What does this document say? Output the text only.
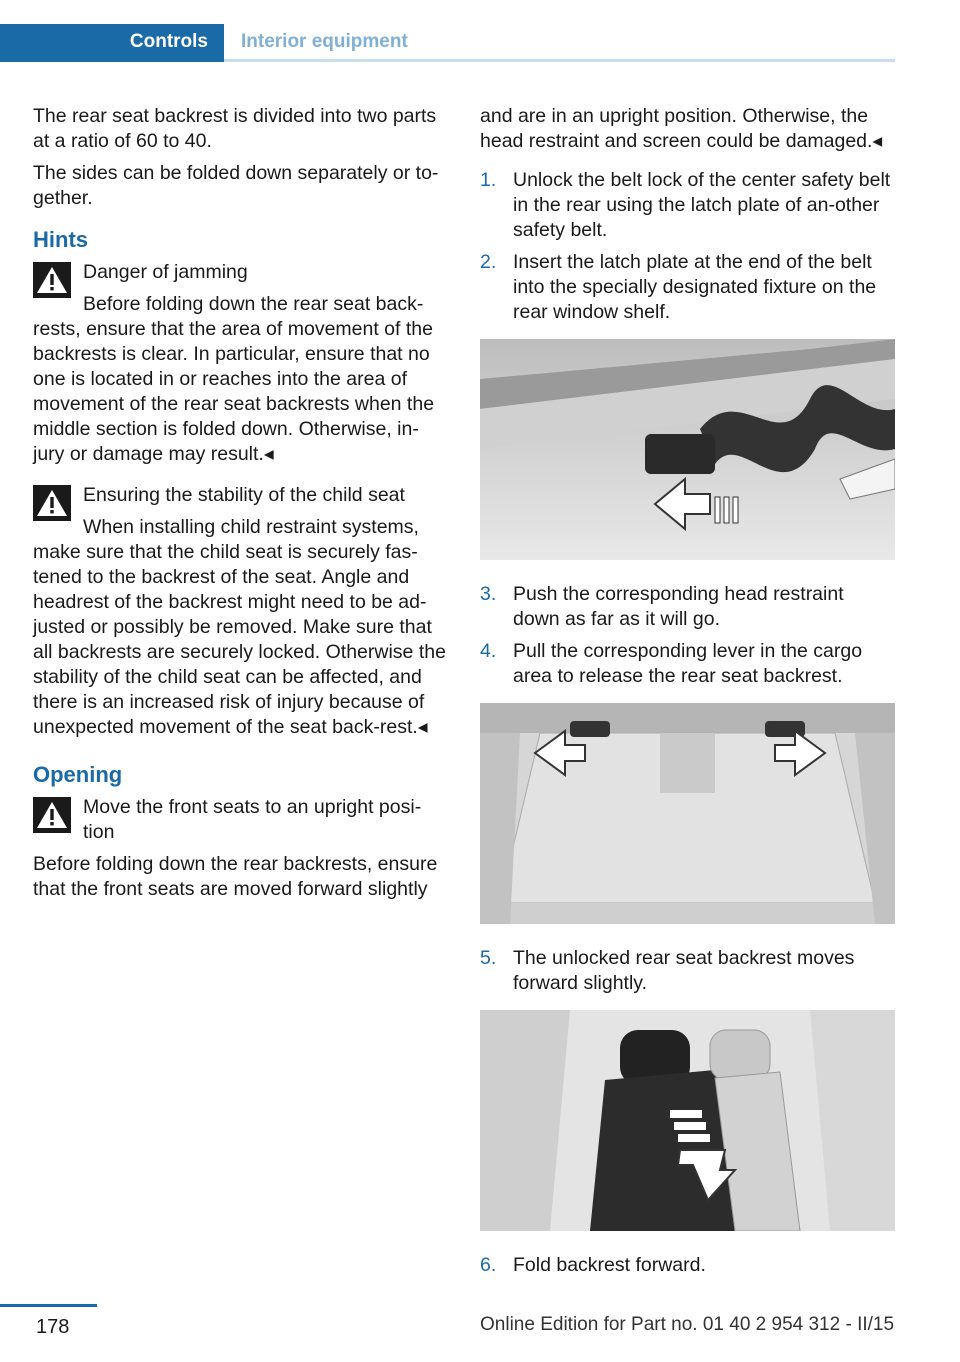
Controls	Interior equipment

The rear seat backrest is divided into two parts at a ratio of 60 to 40.

The sides can be folded down separately or to-gether.

Hints

Danger of jamming

Before folding down the rear seat back-
rests, ensure that the area of movement of the backrests is clear. In particular, ensure that no one is located in or reaches into the area of movement of the rear seat backrests when the middle section is folded down. Otherwise, in-jury or damage may result.◂

Ensuring the stability of the child seat

When installing child restraint systems,
make sure that the child seat is securely fas-tened to the backrest of the seat. Angle and headrest of the backrest might need to be ad-justed or possibly be removed. Make sure that all backrests are securely locked. Otherwise the stability of the child seat can be affected, and there is an increased risk of injury because of unexpected movement of the seat back-rest.◂
Opening

Move the front seats to an upright posi-tion

Before folding down the rear backrests, ensure that the front seats are moved forward slightly

and are in an upright position. Otherwise, the head restraint and screen could be damaged.◂

1. Unlock the belt lock of the center safety belt in the rear using the latch plate of an-other safety belt.
2. Insert the latch plate at the end of the belt into the specially designated fixture on the rear window shelf.
3. Push the corresponding head restraint down as far as it will go.
4. Pull the corresponding lever in the cargo area to release the rear seat backrest.
5. The unlocked rear seat backrest moves forward slightly.
6. Fold backrest forward.
178	Online Edition for Part no. 01 40 2 954 312 - II/15
